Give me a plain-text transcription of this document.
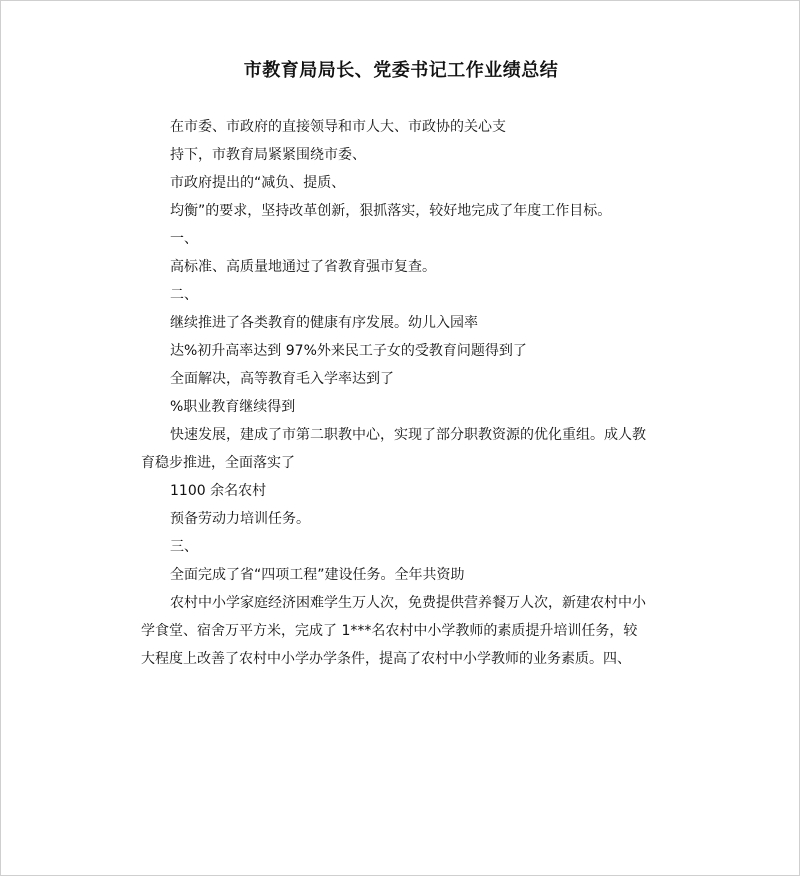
市教育局局长、党委书记工作业绩总结
在市委、市政府的直接领导和市人大、市政协的关心支
持下，市教育局紧紧围绕市委、
市政府提出的“减负、提质、
均衡”的要求，坚持改革创新，狠抓落实，较好地完成了年度工作目标。
一、
高标准、高质量地通过了省教育强市复查。
二、
继续推进了各类教育的健康有序发展。幼儿入园率
达%初升高率达到 97%外来民工子女的受教育问题得到了
全面解决，高等教育毛入学率达到了
%职业教育继续得到
快速发展，建成了市第二职教中心，实现了部分职教资源的优化重组。成人教
育稳步推进，全面落实了
1100 余名农村
预备劳动力培训任务。
三、
全面完成了省“四项工程”建设任务。全年共资助
农村中小学家庭经济困难学生万人次，免费提供营养餐万人次，新建农村中小
学食堂、宿舍万平方米，完成了 1***名农村中小学教师的素质提升培训任务，较
大程度上改善了农村中小学办学条件，提高了农村中小学教师的业务素质。四、
